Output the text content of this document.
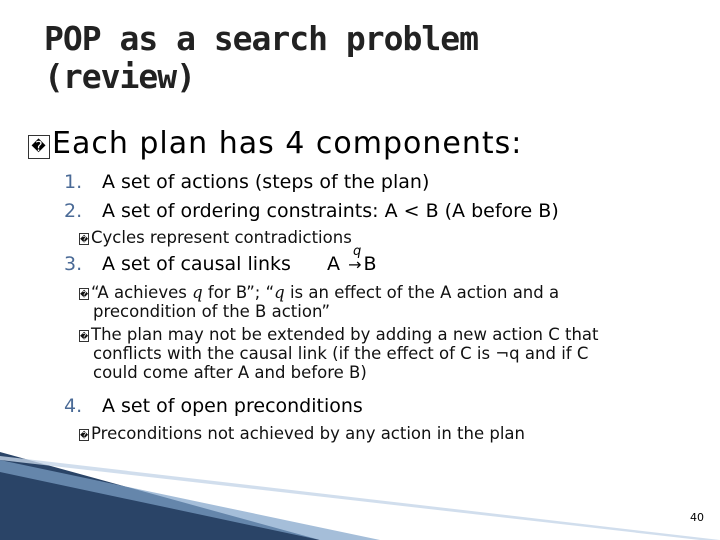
POP as a search problem
(review)
� Each plan has 4 components:
1. A set of actions (steps of the plan)
2. A set of ordering constraints: A < B (A before B)
� Cycles represent contradictions
3. A set of causal links A
q
→ B
� “A achieves q for B”; “q is an effect of the A action and a
precondition of the B action”
� The plan may not be extended by adding a new action C that
conflicts with the causal link (if the effect of C is ¬q and if C
could come after A and before B)
4. A set of open preconditions
� Preconditions not achieved by any action in the plan
40
